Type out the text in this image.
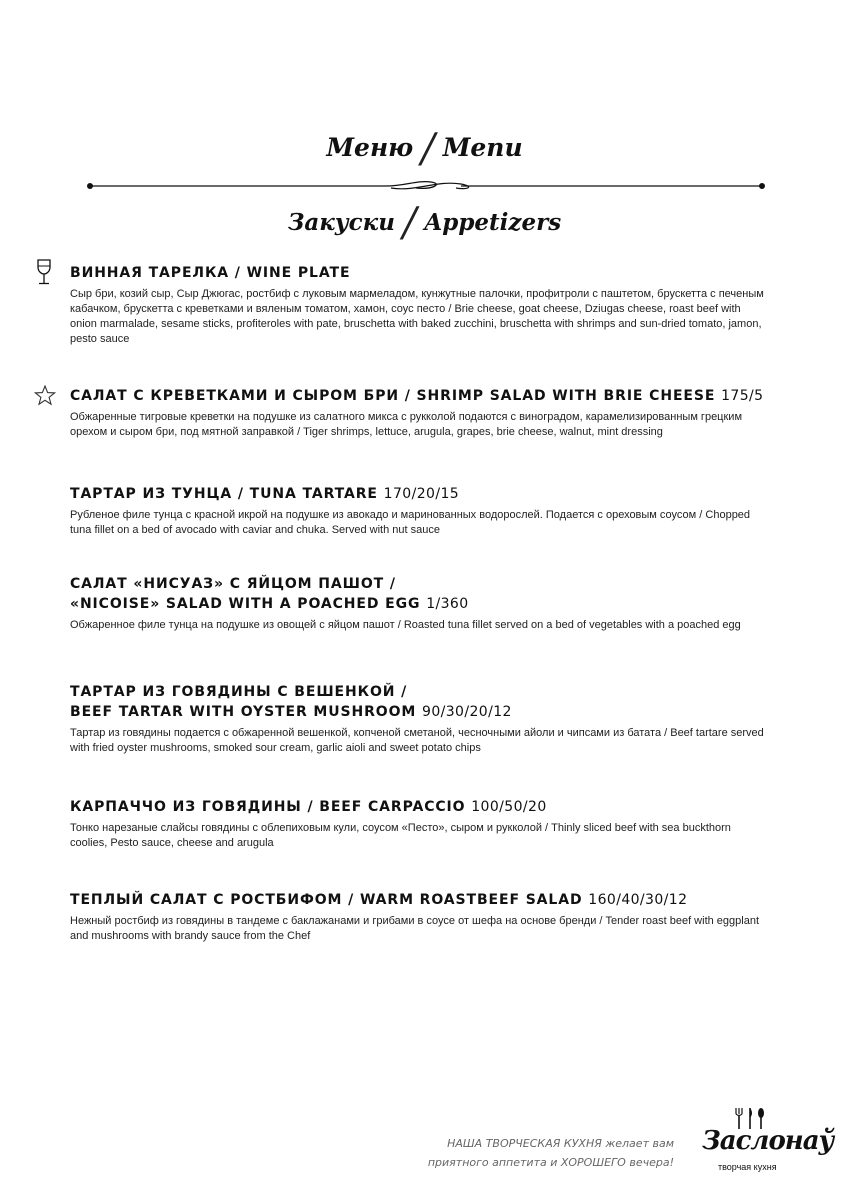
Меню / Menu
Закуски / Appetizers
ВИННАЯ ТАРЕЛКА / WINE PLATE
Сыр бри, козий сыр, Сыр Джюгас, ростбиф с луковым мармеладом, кунжутные палочки, профитроли с паштетом, брускетта с печеным кабачком, брускетта с креветками и вяленым томатом, хамон, соус песто / Brie cheese, goat cheese, Dziugas cheese, roast beef with onion marmalade, sesame sticks, profiteroles with pate, bruschetta with baked zucchini, bruschetta with shrimps and sun-dried tomato, jamon, pesto sauce
САЛАТ С КРЕВЕТКАМИ И СЫРОМ БРИ / SHRIMP SALAD WITH BRIE CHEESE 175/5
Обжаренные тигровые креветки на подушке из салатного микса с рукколой подаются с виноградом, карамелизированным грецким орехом и сыром бри, под мятной заправкой / Tiger shrimps, lettuce, arugula, grapes, brie cheese, walnut, mint dressing
ТАРТАР ИЗ ТУНЦА / TUNA TARTARE 170/20/15
Рубленое филе тунца с красной икрой на подушке из авокадо и маринованных водорослей. Подается с ореховым соусом / Chopped tuna fillet on a bed of avocado with caviar and chuka. Served with nut sauce
САЛАТ «НИСУАЗ» С ЯЙЦОМ ПАШОТ /
«NICOISE» SALAD WITH A POACHED EGG 1/360
Обжаренное филе тунца на подушке из овощей с яйцом пашот / Roasted tuna fillet served on a bed of vegetables with a poached egg
ТАРТАР ИЗ ГОВЯДИНЫ С ВЕШЕНКОЙ /
BEEF TARTAR WITH OYSTER MUSHROOM 90/30/20/12
Тартар из говядины подается с обжаренной вешенкой, копченой сметаной, чесночными айоли и чипсами из батата / Beef tartare served with fried oyster mushrooms, smoked sour cream, garlic aioli and sweet potato chips
КАРПАЧЧО ИЗ ГОВЯДИНЫ / BEEF CARPACCIO 100/50/20
Тонко нарезаные слайсы говядины с облепиховым кули, соусом «Песто», сыром и рукколой / Thinly sliced beef with sea buckthorn coolies, Pesto sauce, cheese and arugula
ТЕПЛЫЙ САЛАТ С РОСТБИФОМ / WARM ROASTBEEF SALAD 160/40/30/12
Нежный ростбиф из говядины в тандеме с баклажанами и грибами в соусе от шефа на основе бренди / Tender roast beef with eggplant and mushrooms with brandy sauce from the Chef
НАША ТВОРЧЕСКАЯ КУХНЯ желает вам
приятного аппетита и ХОРОШЕГО вечера!
Заслонаў
творчая кухня
